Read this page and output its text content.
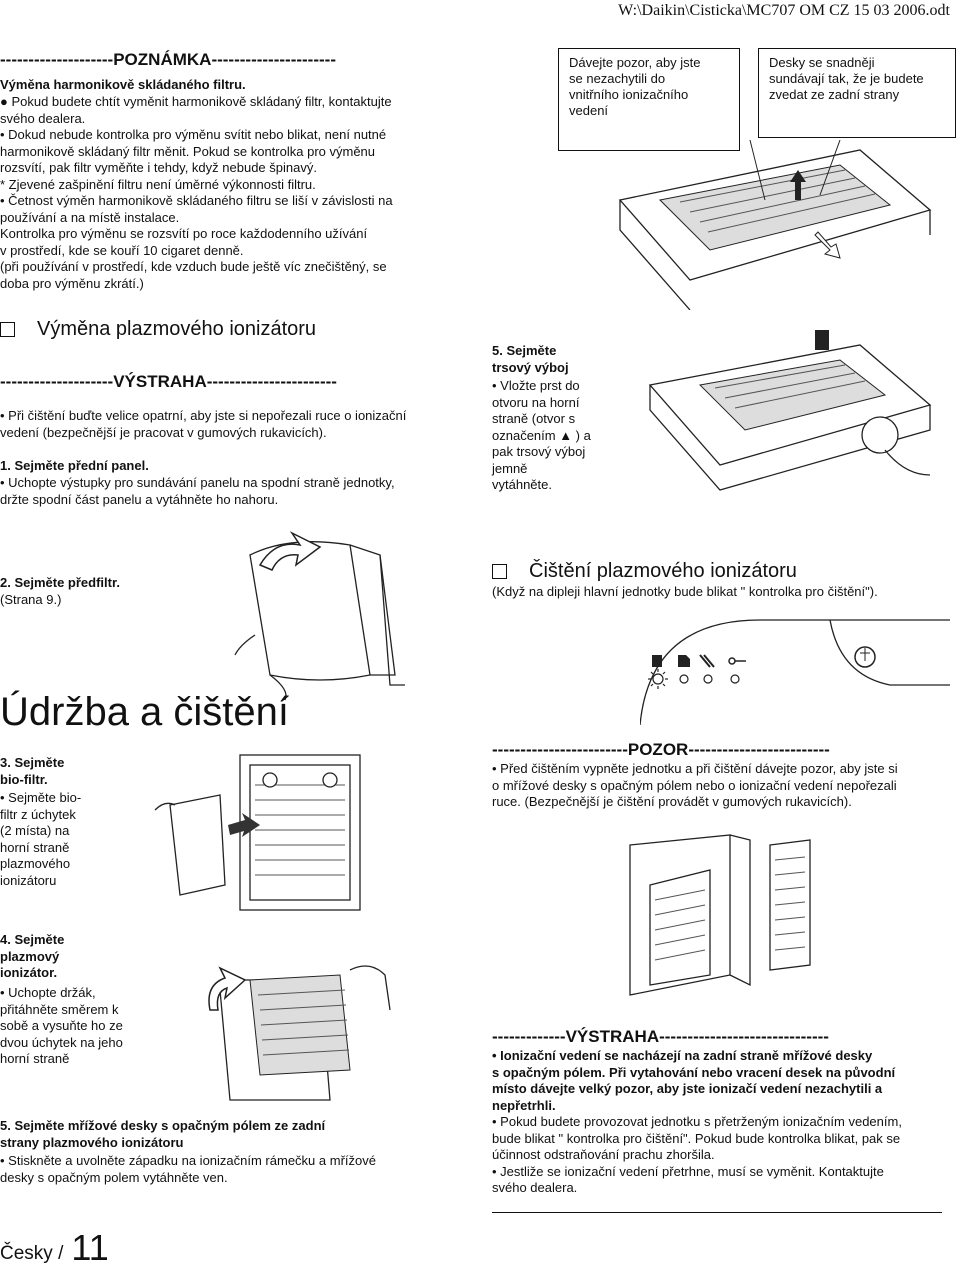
W:\Daikin\Cisticka\MC707 OM CZ 15 03 2006.odt
--------------------POZNÁMKA----------------------
Výměna harmonikově skládaného filtru.
● Pokud budete chtít vyměnit harmonikově skládaný filtr, kontaktujte
svého dealera.
• Dokud nebude kontrolka pro výměnu svítit nebo blikat, není nutné
harmonikově skládaný filtr měnit. Pokud se kontrolka pro výměnu
rozsvítí, pak filtr vyměňte i tehdy, když nebude špinavý.
* Zjevené zašpinění filtru není úměrné výkonnosti filtru.
• Četnost výměn harmonikově skládaného filtru se liší v závislosti na
používání a na místě instalace.
Kontrolka pro výměnu se rozsvítí po roce každodenního užívání
v prostředí, kde se kouří 10 cigaret denně.
(při používání v prostředí, kde vzduch bude ještě víc znečištěný, se
doba pro výměnu zkrátí.)
Výměna plazmového ionizátoru
--------------------VÝSTRAHA-----------------------
• Při čištění buďte velice opatrní, aby jste si nepořezali ruce o ionizační
vedení (bezpečnější je pracovat v gumových rukavicích).
1. Sejměte přední panel.
• Uchopte výstupky pro sundávání panelu na spodní straně jednotky,
držte spodní část panelu a vytáhněte ho nahoru.
2. Sejměte předfiltr.
(Strana 9.)
Údržba a čištění
3. Sejměte
bio-filtr.
• Sejměte bio-
filtr z úchytek
(2 místa) na
horní straně
plazmového
ionizátoru
4. Sejměte
plazmový
ionizátor.
• Uchopte držák,
přitáhněte směrem k
sobě a vysuňte ho ze
dvou úchytek na jeho
horní straně
5. Sejměte mřížové desky s opačným pólem ze zadní
strany plazmového ionizátoru
• Stiskněte a uvolněte západku na ionizačním rámečku a mřížové
desky s opačným polem vytáhněte ven.
Česky / 11
Dávejte pozor, aby jste
se nezachytili do
vnitřního ionizačního
vedení
Desky se snadněji
sundávají tak, že je budete
zvedat ze zadní strany
5. Sejměte
trsový výboj
• Vložte prst do
otvoru na horní
straně (otvor s
označením ▲ ) a
pak trsový výboj
jemně
vytáhněte.
Čištění plazmového ionizátoru
(Když na dipleji hlavní jednotky bude blikat " kontrolka pro čištění").
------------------------POZOR-------------------------
• Před čištěním vypněte jednotku a při čištění dávejte pozor, aby jste si
o mřížové desky s opačným pólem nebo o ionizační vedení nepořezali
ruce. (Bezpečnější je čištění provádět v gumových rukavicích).
-------------VÝSTRAHA------------------------------
• Ionizační vedení se nacházejí na zadní straně mřížové desky
s opačným pólem. Při vytahování nebo vracení desek na původní
místo dávejte velký pozor, aby jste ionizačí vedení nezachytili a
nepřetrhli.
• Pokud budete provozovat jednotku s přetrženým ionizačním vedením,
bude blikat " kontrolka pro čištění". Pokud bude kontrolka blikat, pak se
účinnost odstraňování prachu zhoršila.
• Jestliže se ionizační vedení přetrhne, musí se vyměnit. Kontaktujte
svého dealera.
